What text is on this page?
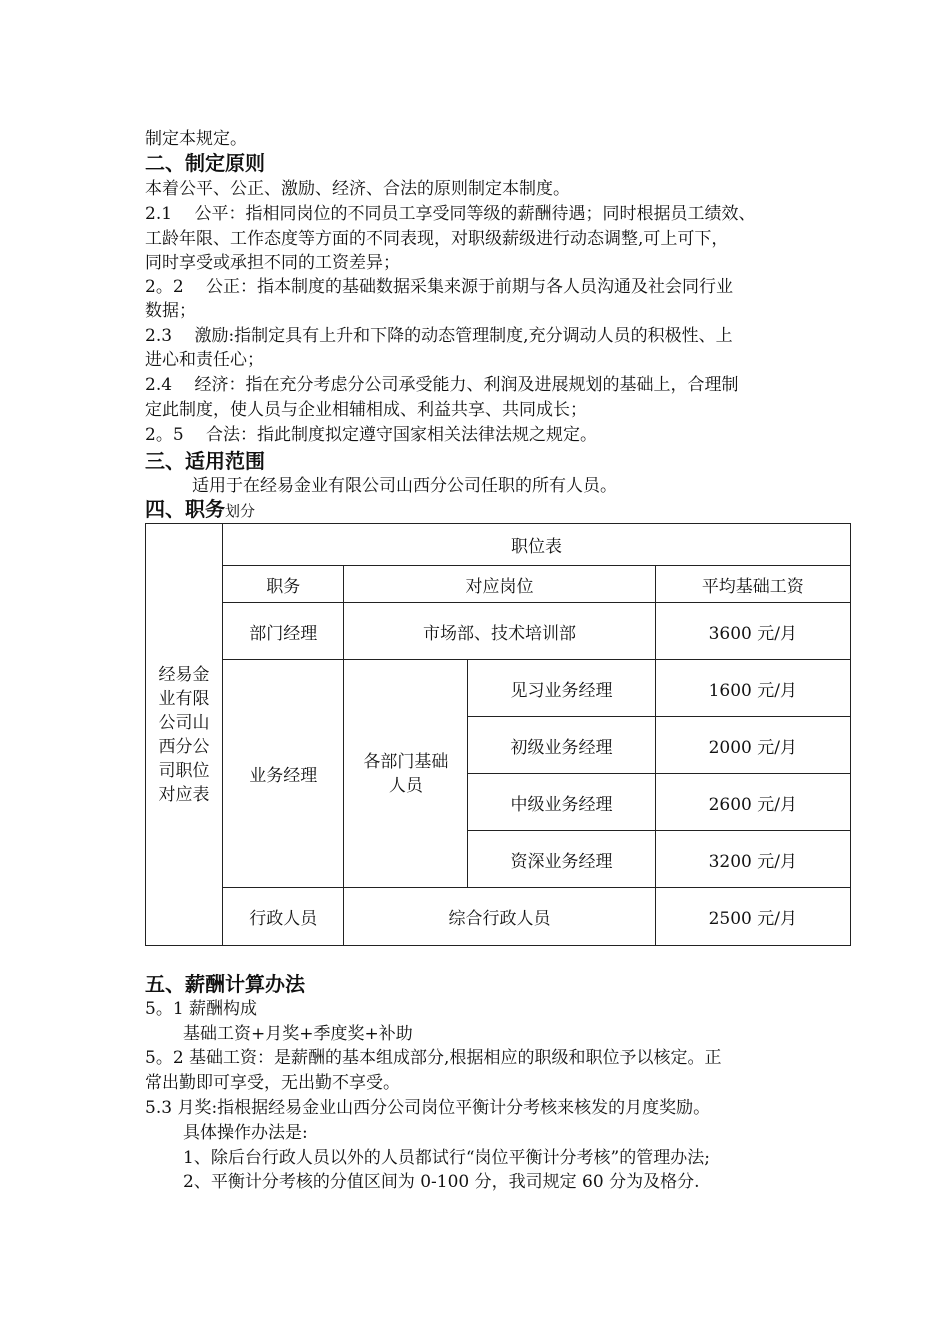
制定本规定。
二、制定原则
本着公平、公正、激励、经济、合法的原则制定本制度。
2.1　 公平：指相同岗位的不同员工享受同等级的薪酬待遇；同时根据员工绩效、
工龄年限、工作态度等方面的不同表现，对职级薪级进行动态调整,可上可下，
同时享受或承担不同的工资差异；
2。2　 公正：指本制度的基础数据采集来源于前期与各人员沟通及社会同行业
数据；
2.3　 激励:指制定具有上升和下降的动态管理制度,充分调动人员的积极性、上
进心和责任心；
2.4　 经济：指在充分考虑分公司承受能力、利润及进展规划的基础上，合理制
定此制度，使人员与企业相辅相成、利益共享、共同成长；
2。5　 合法：指此制度拟定遵守国家相关法律法规之规定。
三、适用范围
适用于在经易金业有限公司山西分公司任职的所有人员。
四、职务划分
经易金业有限公司山西分公司职位对应表	职位表			
	职务	对应岗位		平均基础工资
	部门经理	市场部、技术培训部		3600 元/月
	业务经理	各部门基础人员	见习业务经理	1600 元/月
			初级业务经理	2000 元/月
			中级业务经理	2600 元/月
			资深业务经理	3200 元/月
	行政人员	综合行政人员		2500 元/月
五、薪酬计算办法
5。1 薪酬构成
基础工资+月奖+季度奖+补助
5。2 基础工资：是薪酬的基本组成部分,根据相应的职级和职位予以核定。正
常出勤即可享受，无出勤不享受。
5.3 月奖:指根据经易金业山西分公司岗位平衡计分考核来核发的月度奖励。
具体操作办法是:
1、除后台行政人员以外的人员都试行“岗位平衡计分考核”的管理办法;
2、平衡计分考核的分值区间为 0-100 分，我司规定 60 分为及格分.
